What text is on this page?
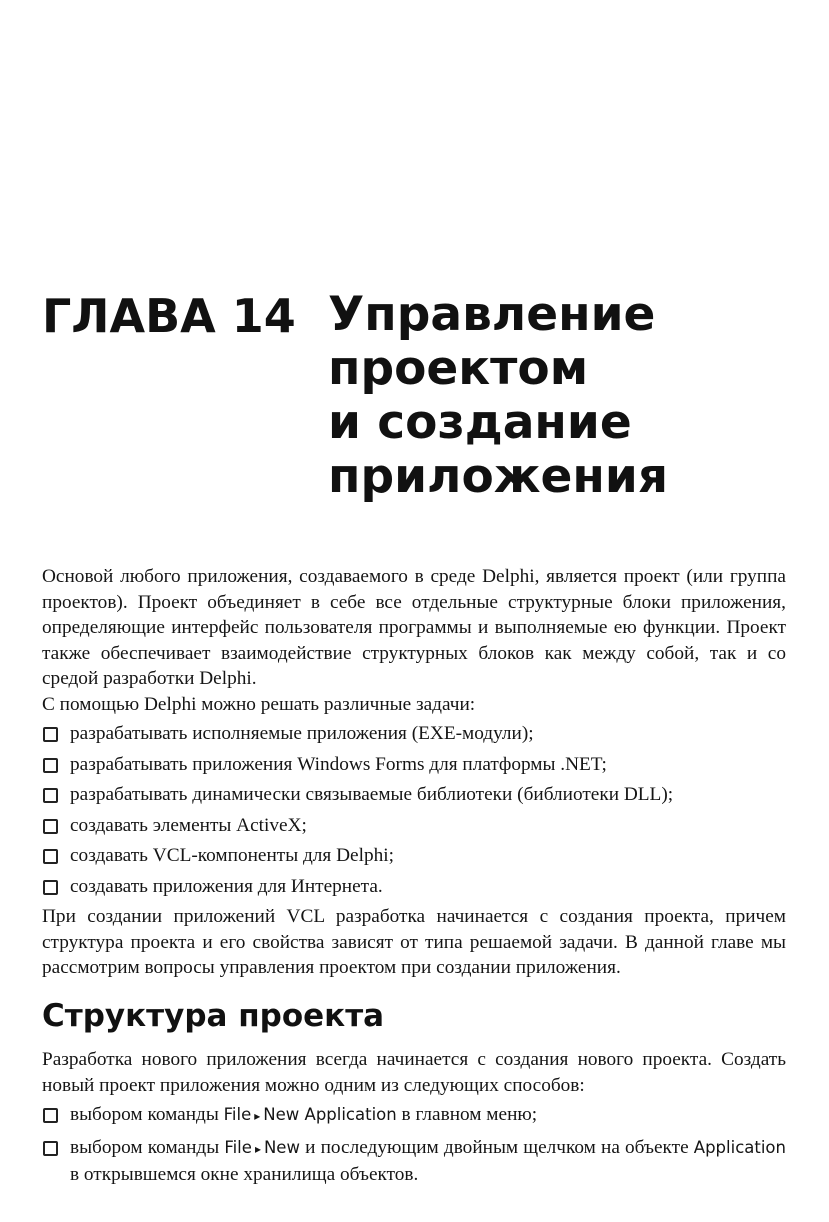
ГЛАВА 14 Управление
проектом
и создание
приложения

Основой любого приложения, создаваемого в среде Delphi, является проект (или группа проектов). Проект объединяет в себе все отдельные структурные блоки приложения, определяющие интерфейс пользователя программы и выполняемые ею функции. Проект также обеспечивает взаимодействие структурных блоков как между собой, так и со средой разработки Delphi.

С помощью Delphi можно решать различные задачи:

разрабатывать исполняемые приложения (EXE-модули);
разрабатывать приложения Windows Forms для платформы .NET;
разрабатывать динамически связываемые библиотеки (библиотеки DLL);
создавать элементы ActiveX;
создавать VCL-компоненты для Delphi;
создавать приложения для Интернета.

При создании приложений VCL разработка начинается с создания проекта, причем структура проекта и его свойства зависят от типа решаемой задачи. В данной главе мы рассмотрим вопросы управления проектом при создании приложения.

Структура проекта

Разработка нового приложения всегда начинается с создания нового проекта. Создать новый проект приложения можно одним из следующих способов:

выбором команды File ▸ New Application в главном меню;
выбором команды File ▸ New и последующим двойным щелчком на объекте Application в открывшемся окне хранилища объектов.
